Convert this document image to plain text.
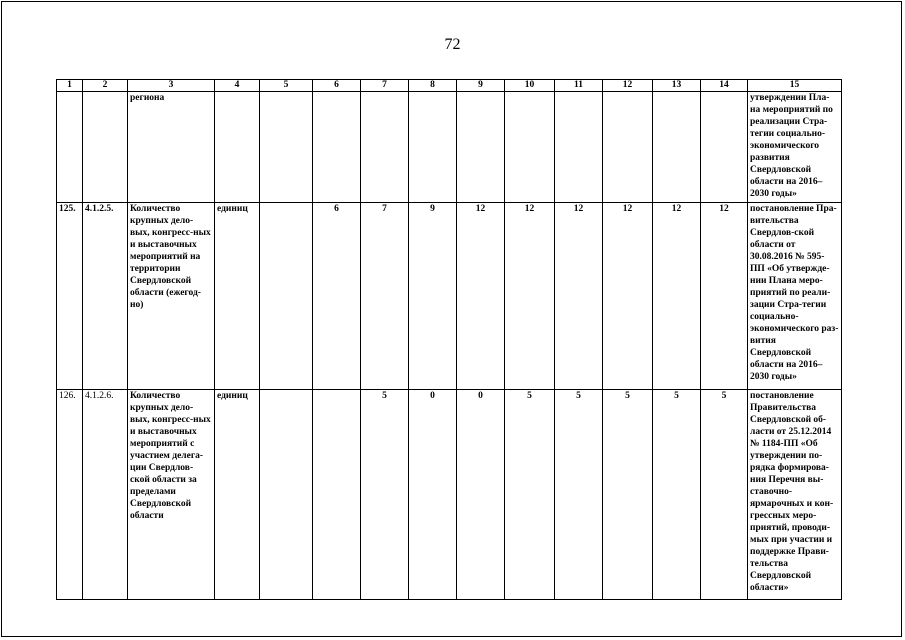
72
1	2	3	4	5	6	7	8	9	10	11	12	13	14	15
		региона												утверждении Пла-на мероприятий по реализации Стра-тегии социально-экономического развития Свердловской области на 2016–2030 годы»
125.	4.1.2.5.	Количество крупных дело-вых, конгресс-ных и выставочных мероприятий на территории Свердловской области (ежегод-но)	единиц		6	7	9	12	12	12	12	12	12	постановление Пра-вительства Свердлов-ской области от 30.08.2016 № 595-ПП «Об утвержде-нии Плана меро-приятий по реали-зации Стра-тегии социально-экономического раз-вития Свердловской области на 2016–2030 годы»
126.	4.1.2.6.	Количество крупных дело-вых, конгресс-ных и выставочных мероприятий с участием делега-ции Свердлов-ской области за пределами Свердловской области	единиц			5	0	0	5	5	5	5	5	постановление Правительства Свердловской об-ласти от 25.12.2014 № 1184-ПП «Об утверждении по-рядка формирова-ния Перечня вы-ставочно-ярмарочных и кон-грессных меро-приятий, проводи-мых при участии и поддержке Прави-тельства Свердловской области»
